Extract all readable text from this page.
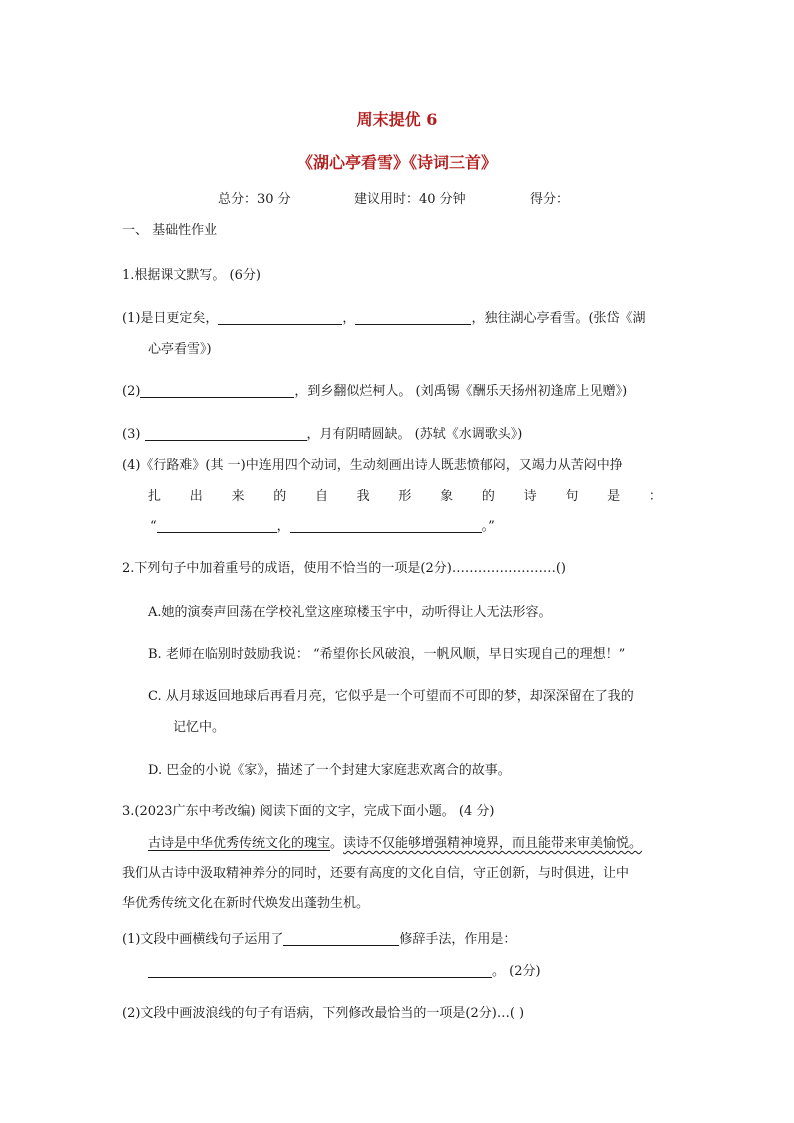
周末提优 6
《湖心亭看雪》《诗词三首》
总分：30 分	建议用时：40 分钟	得分：
一、 基础性作业
1.根据课文默写。 (6分)
(1)是日更定矣，	，	，独往湖心亭看雪。(张岱《湖
心亭看雪》)
(2)	，到乡翻似烂柯人。 (刘禹锡《酬乐天扬州初逢席上见赠》)
(3)	，月有阴晴圆缺。 (苏轼《水调歌头》)
(4)《行路难》(其 一)中连用四个动词，生动刻画出诗人既悲愤郁闷，又竭力从苦闷中挣
扎 出 来 的 自 我 形 象 的 诗 句 是 ：
“	，	。”
2.下列句子中加着重号的成语，使用不恰当的一项是(2分)……………………()
A.她的演奏声回荡在学校礼堂这座琼楼玉宇中，动听得让人无法形容。
B. 老师在临别时鼓励我说： “希望你长风破浪，一帆风顺，早日实现自己的理想！”
C. 从月球返回地球后再看月亮，它似乎是一个可望而不可即的梦，却深深留在了我的
记忆中。
D. 巴金的小说《家》，描述了一个封建大家庭悲欢离合的故事。
3.(2023广东中考改编) 阅读下面的文字，完成下面小题。 (4 分)
古诗是中华优秀传统文化的瑰宝。读诗不仅能够增强精神境界，而且能带来审美愉悦。
我们从古诗中汲取精神养分的同时，还要有高度的文化自信，守正创新，与时俱进，让中
华优秀传统文化在新时代焕发出蓬勃生机。
(1)文段中画横线句子运用了	修辞手法，作用是：
。 (2分)
(2)文段中画波浪线的句子有语病，下列修改最恰当的一项是(2分)…( )
